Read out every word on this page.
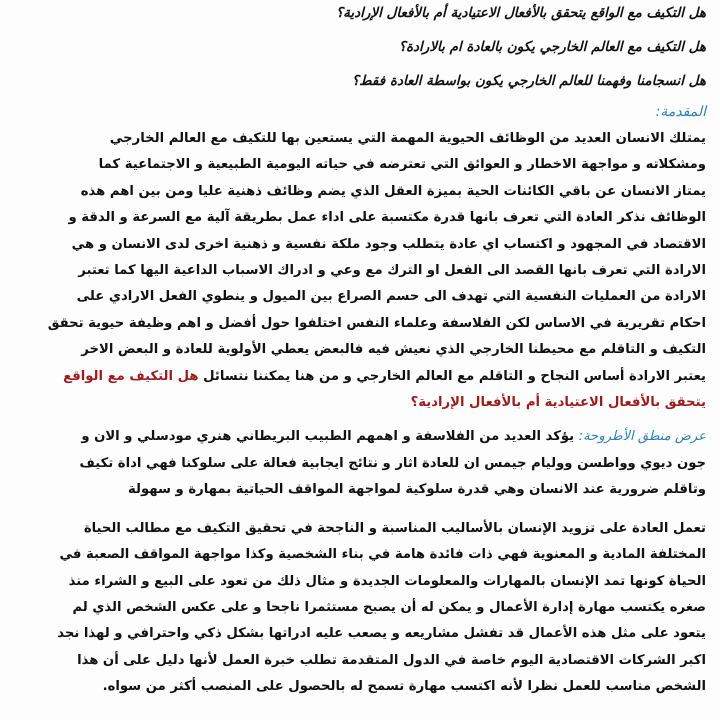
هل التكيف مع الواقع يتحقق بالأفعال الاعتيادية أم بالأفعال الإرادية؟
هل التكيف مع العالم الخارجي يكون بالعادة ام بالارادة؟
هل انسجامنا وفهمنا للعالم الخارجي يكون بواسطة العادة فقط؟
المقدمة:
يمتلك الانسان العديد من الوظائف الحيوية المهمة التي يستعين بها للتكيف مع العالم الخارجي
ومشكلاته و مواجهة الاخطار و العوائق التي تعترضه في حياته اليومية الطبيعية و الاجتماعية كما
يمتاز الانسان عن باقي الكائنات الحية بميزة العقل الذي يضم وظائف ذهنية عليا ومن بين اهم هذه
الوظائف نذكر العادة التي تعرف بانها قدرة مكتسبة على اداء عمل بطريقة آلية مع السرعة و الدقة و
الاقتصاد في المجهود و اكتساب اي عادة يتطلب وجود ملكة نفسية و ذهنية اخرى لدى الانسان و هي
الارادة التي تعرف بانها القصد الى الفعل او الترك مع وعي و ادراك الاسباب الداعية اليها كما تعتبر
الارادة من العمليات النفسية التي تهدف الى حسم الصراع بين الميول و ينطوي الفعل الارادي على
احكام تقريرية في الاساس لكن الفلاسفة وعلماء النفس اختلفوا حول أفضل و اهم وظيفة حيوية تحقق
التكيف و التاقلم مع محيطنا الخارجي الذي نعيش فيه فالبعض يعطي الأولوية للعادة و البعض الاخر
يعتبر الارادة أساس النجاح و التاقلم مع العالم الخارجي و من هنا يمكننا نتسائل هل التكيف مع الواقع
يتحقق بالأفعال الاعتيادية أم بالأفعال الإرادية؟
عرض منطق الأطروحة: يؤكد العديد من الفلاسفة و اهمهم الطبيب البريطاني هنري مودسلي و الان و
جون ديوي وواطسن ووليام جيمس ان للعادة اثار و نتائج ايجابية فعالة على سلوكنا فهي اداة تكيف
وتاقلم ضرورية عند الانسان وهي قدرة سلوكية لمواجهة المواقف الحياتية بمهارة و سهولة
تعمل العادة على تزويد الإنسان بالأساليب المناسبة و الناجحة في تحقيق التكيف مع مطالب الحياة
المختلفة المادية و المعنوية فهي ذات فائدة هامة في بناء الشخصية وكذا مواجهة المواقف الصعبة في
الحياة كونها تمد الإنسان بالمهارات والمعلومات الجديدة و مثال ذلك من تعود على البيع و الشراء منذ
صغره يكتسب مهارة إدارة الأعمال و يمكن له أن يصبح مستثمرا ناجحا و على عكس الشخص الذي لم
يتعود على مثل هذه الأعمال قد تفشل مشاريعه و يصعب عليه ادراتها بشكل ذكي واحترافي و لهذا نجد
اكبر الشركات الاقتصادية اليوم خاصة في الدول المتقدمة تطلب خبرة العمل لأنها دليل على أن هذا
الشخص مناسب للعمل نظرا لأنه اكتسب مهارة تسمح له بالحصول على المنصب أكثر من سواه.
